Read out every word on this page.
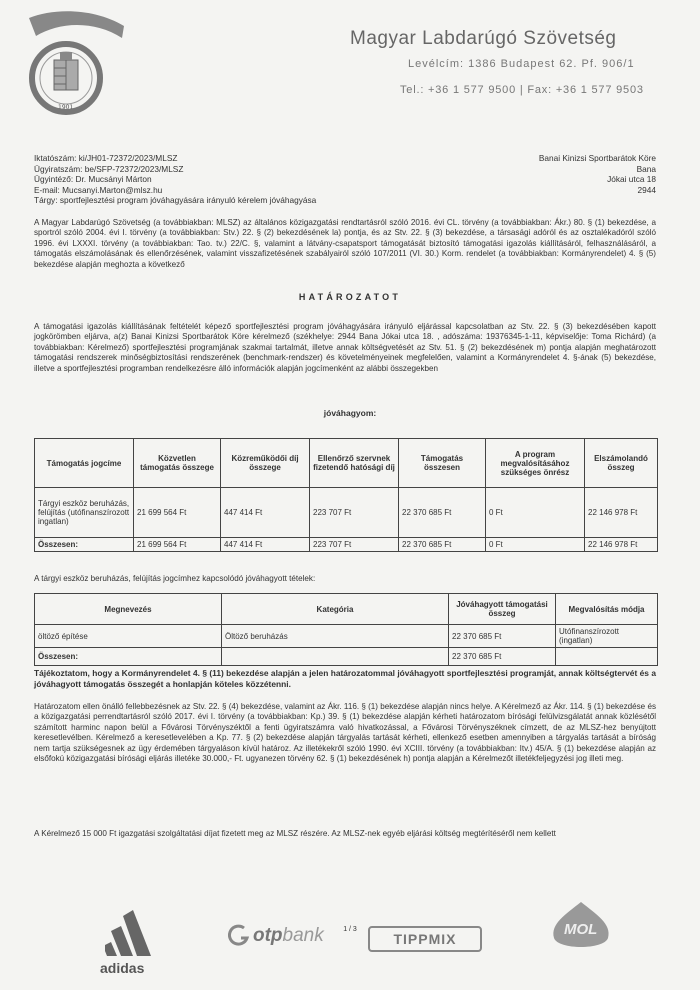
1901
Magyar Labdarúgó Szövetség
Levélcím: 1386 Budapest 62. Pf. 906/1
Tel.: +36 1 577 9500 | Fax: +36 1 577 9503
Iktatószám: ki/JH01-72372/2023/MLSZ
Ügyiratszám: be/SFP-72372/2023/MLSZ
Ügyintéző: Dr. Mucsányi Márton
E-mail: Mucsanyi.Marton@mlsz.hu
Tárgy: sportfejlesztési program jóváhagyására irányuló kérelem jóváhagyása
Banai Kinizsi Sportbarátok Köre
Bana
Jókai utca 18
2944
A Magyar Labdarúgó Szövetség (a továbbiakban: MLSZ) az általános közigazgatási rendtartásról szóló 2016. évi CL. törvény (a továbbiakban: Ákr.) 80. § (1) bekezdése, a sportról szóló 2004. évi I. törvény (a továbbiakban: Stv.) 22. § (2) bekezdésének la) pontja, és az Stv. 22. § (3) bekezdése, a társasági adóról és az osztalékadóról szóló 1996. évi LXXXI. törvény (a továbbiakban: Tao. tv.) 22/C. §, valamint a látvány-csapatsport támogatását biztosító támogatási igazolás kiállításáról, felhasználásáról, a támogatás elszámolásának és ellenőrzésének, valamint visszafizetésének szabályairól szóló 107/2011 (VI. 30.) Korm. rendelet (a továbbiakban: Kormányrendelet) 4. § (5) bekezdése alapján meghozta a következő
HATÁROZATOT
A támogatási igazolás kiállításának feltételét képező sportfejlesztési program jóváhagyására irányuló eljárással kapcsolatban az Stv. 22. § (3) bekezdésében kapott jogkörömben eljárva, a(z) Banai Kinizsi Sportbarátok Köre kérelmező (székhelye: 2944 Bana Jókai utca 18. , adószáma: 19376345-1-11, képviselője: Toma Richárd) (a továbbiakban: Kérelmező) sportfejlesztési programjának szakmai tartalmát, illetve annak költségvetését az Stv. 51. § (2) bekezdésének m) pontja alapján meghatározott támogatási rendszerek minőségbiztosítási rendszerének (benchmark-rendszer) és követelményeinek megfelelően, valamint a Kormányrendelet 4. §-ának (5) bekezdése, illetve a sportfejlesztési programban rendelkezésre álló információk alapján jogcímenként az alábbi összegekben
jóváhagyom:
Támogatás jogcíme	Közvetlen támogatás összege	Közreműködői díj összege	Ellenőrző szervnek fizetendő hatósági díj	Támogatás összesen	A program megvalósításához szükséges önrész	Elszámolandó összeg
Tárgyi eszköz beruházás, felújítás (utófinanszírozott ingatlan)	21 699 564 Ft	447 414 Ft	223 707 Ft	22 370 685 Ft	0 Ft	22 146 978 Ft
Összesen:	21 699 564 Ft	447 414 Ft	223 707 Ft	22 370 685 Ft	0 Ft	22 146 978 Ft
A tárgyi eszköz beruházás, felújítás jogcímhez kapcsolódó jóváhagyott tételek:
Megnevezés	Kategória	Jóváhagyott támogatási összeg	Megvalósítás módja
öltöző építése	Öltöző beruházás	22 370 685 Ft	Utófinanszírozott (ingatlan)
Összesen:		22 370 685 Ft	
Tájékoztatom, hogy a Kormányrendelet 4. § (11) bekezdése alapján a jelen határozatommal jóváhagyott sportfejlesztési programját, annak költségtervét és a jóváhagyott támogatás összegét a honlapján köteles közzétenni.
Határozatom ellen önálló fellebbezésnek az Stv. 22. § (4) bekezdése, valamint az Ákr. 116. § (1) bekezdése alapján nincs helye. A Kérelmező az Ákr. 114. § (1) bekezdése és a közigazgatási perrendtartásról szóló 2017. évi I. törvény (a továbbiakban: Kp.) 39. § (1) bekezdése alapján kérheti határozatom bírósági felülvizsgálatát annak közlésétől számított harminc napon belül a Fővárosi Törvényszéktől a fenti ügyiratszámra való hivatkozással, a Fővárosi Törvényszéknek címzett, de az MLSZ-hez benyújtott keresetlevélben. Kérelmező a keresetlevelében a Kp. 77. § (2) bekezdése alapján tárgyalás tartását kérheti, ellenkező esetben amennyiben a tárgyalás tartását a bíróság nem tartja szükségesnek az ügy érdemében tárgyaláson kívül határoz. Az illetékekről szóló 1990. évi XCIII. törvény (a továbbiakban: Itv.) 45/A. § (1) bekezdése alapján az elsőfokú közigazgatási bírósági eljárás illetéke 30.000,- Ft. ugyanezen törvény 62. § (1) bekezdésének h) pontja alapján a Kérelmezőt illetékfeljegyzési jog illeti meg.
A Kérelmező 15 000 Ft igazgatási szolgáltatási díjat fizetett meg az MLSZ részére. Az MLSZ-nek egyéb eljárási költség megtérítéséről nem kellett
1 / 3
adidas
otpbank	TIPPMIX
MOL
